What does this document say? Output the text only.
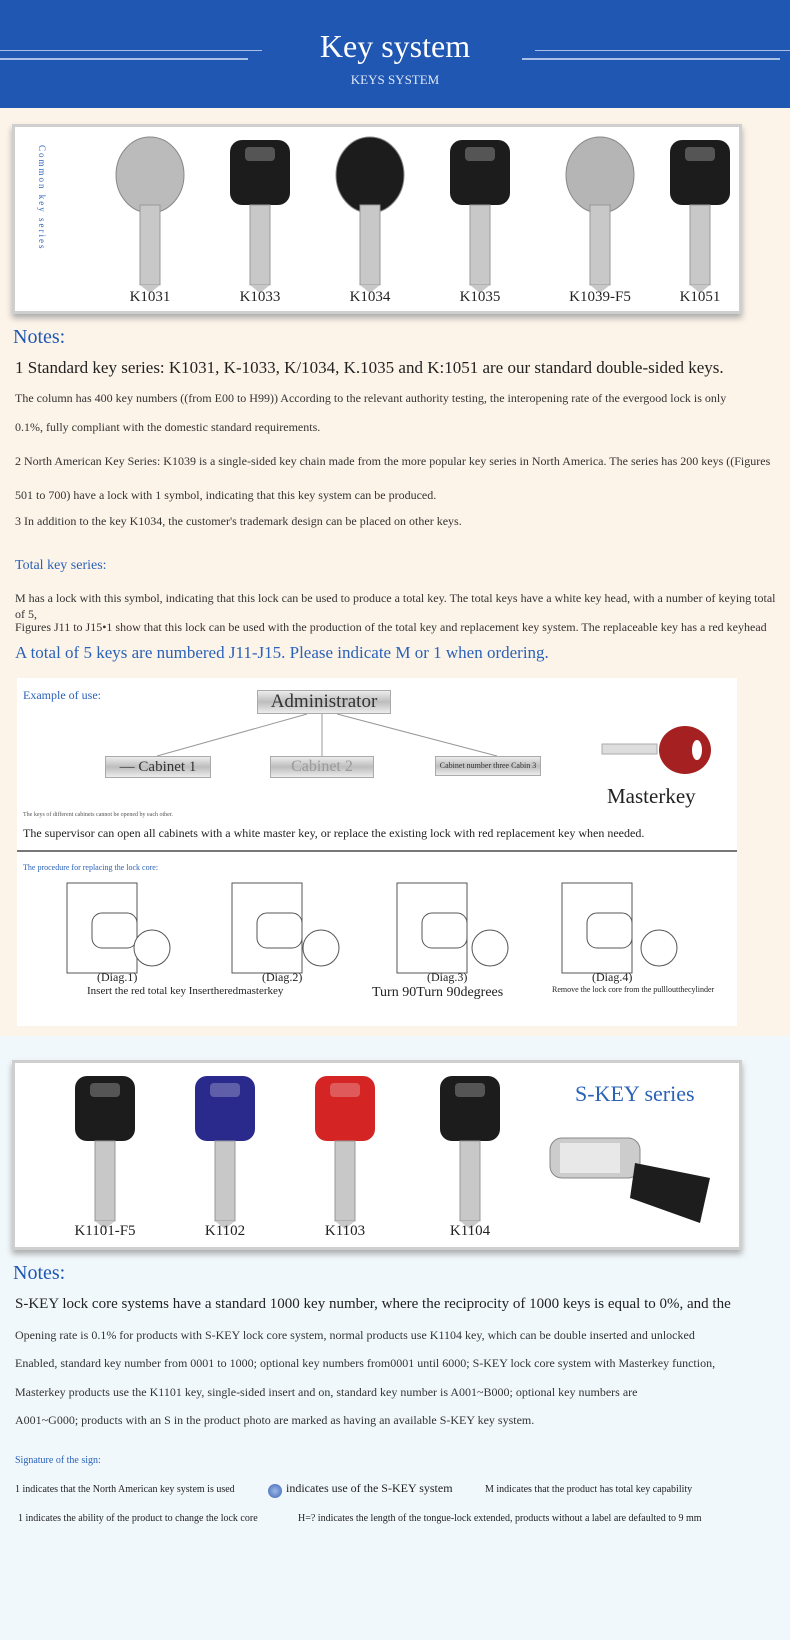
Key system
KEYS SYSTEM
Common key series
K1031	K1033	K1034	K1035	K1039-F5	K1051
Notes:
1 Standard key series: K1031, K-1033, K/1034, K.1035 and K:1051 are our standard double-sided keys.
The column has 400 key numbers ((from E00 to H99)) According to the relevant authority testing, the interopening rate of the evergood lock is only
0.1%, fully compliant with the domestic standard requirements.
2 North American Key Series: K1039 is a single-sided key chain made from the more popular key series in North America. The series has 200 keys ((Figures 501 to 700) have a lock with 1 symbol, indicating that this key system can be produced.
3 In addition to the key K1034, the customer's trademark design can be placed on other keys.
Total key series:
M has a lock with this symbol, indicating that this lock can be used to produce a total key. The total keys have a white key head, with a number of keying total of 5,
Figures J11 to J15•1 show that this lock can be used with the production of the total key and replacement key system. The replaceable key has a red keyhead
A total of 5 keys are numbered J11-J15. Please indicate M or 1 when ordering.
Example of use:	Administrator
— Cabinet 1	Cabinet 2	Cabinet number three Cabin 3
Masterkey
The keys of different cabinets cannot be opened by each other.
The supervisor can open all cabinets with a white master key, or replace the existing lock with red replacement key when needed.
The procedure for replacing the lock core:
(Diag.1)
Insert the red total key Insertheredmasterkey
(Diag.2)	(Diag.3)
Turn 90Turn 90degrees
(Diag.4)
Remove the lock core from the pullloutthecylinder
K1101-F5	K1102	K1103	K1104
S-KEY series
Notes:
S-KEY lock core systems have a standard 1000 key number, where the reciprocity of 1000 keys is equal to 0%, and the
Opening rate is 0.1% for products with S-KEY lock core system, normal products use K1104 key, which can be double inserted and unlocked
Enabled, standard key number from 0001 to 1000; optional key numbers from0001 until 6000; S-KEY lock core system with Masterkey function,
Masterkey products use the K1101 key, single-sided insert and on, standard key number is A001~B000; optional key numbers are
A001~G000; products with an S in the product photo are marked as having an available S-KEY key system.
Signature of the sign:
1 indicates that the North American key system is used	indicates use of the S-KEY system	M indicates that the product has total key capability
1 indicates the ability of the product to change the lock core	H=? indicates the length of the tongue-lock extended, products without a label are defaulted to 9 mm
